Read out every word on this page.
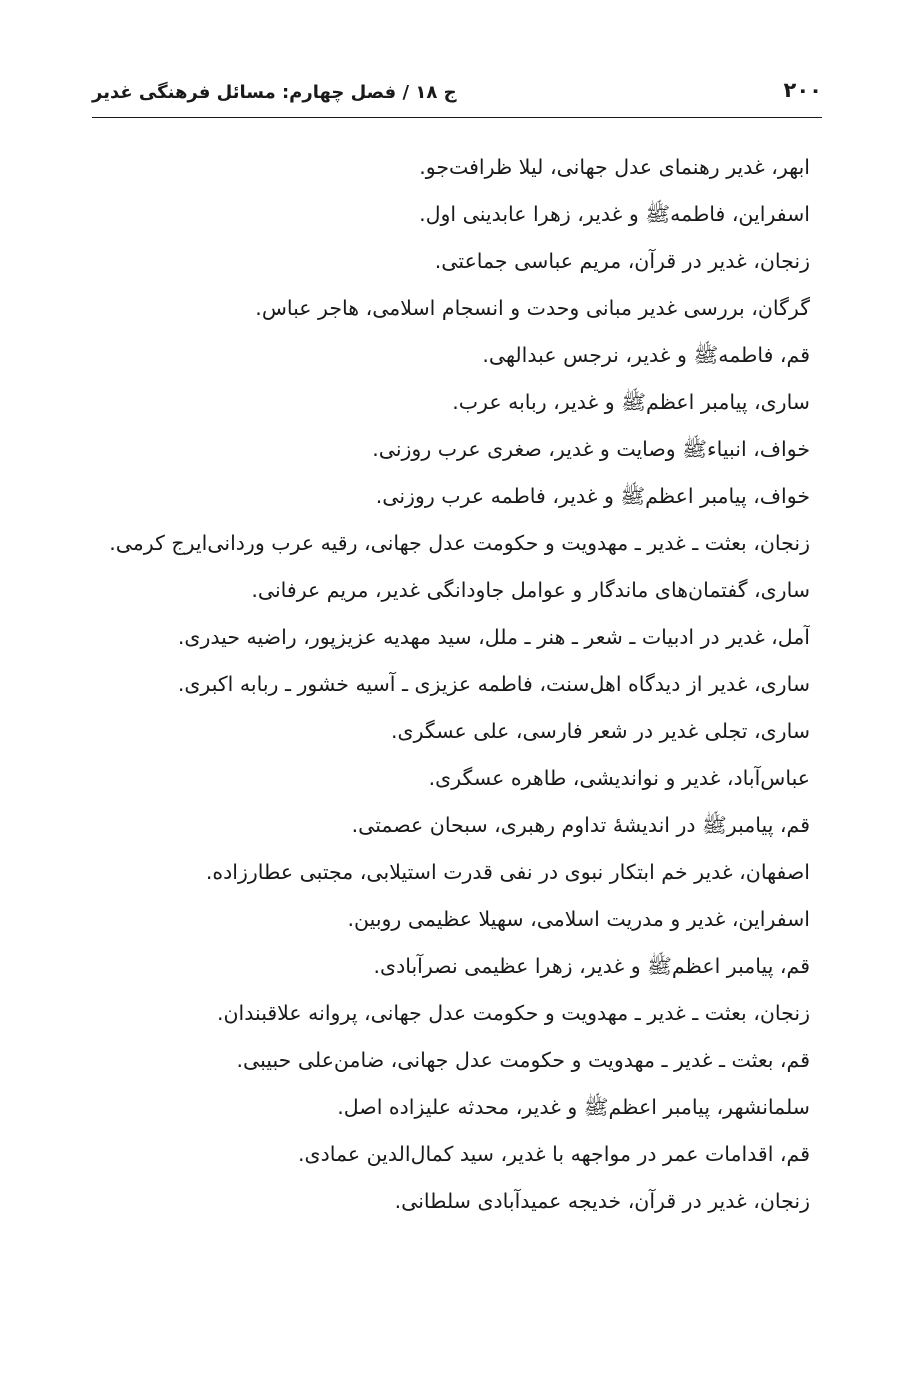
۲۰۰
ج ۱۸ / فصل چهارم: مسائل فرهنگی غدیر
ابهر، غدیر رهنمای عدل جهانی، لیلا ظرافت‌جو.
اسفراین، فاطمه‌ﷺ و غدیر، زهرا عابدینی اول.
زنجان، غدیر در قرآن، مریم عباسی جماعتی.
گرگان، بررسی غدیر مبانی وحدت و انسجام اسلامی، هاجر عباس.
قم، فاطمه‌ﷺ و غدیر، نرجس عبدالهی.
ساری، پیامبر اعظم‌ﷺ و غدیر، ربابه عرب.
خواف، انبیاء‌ﷺ وصایت و غدیر، صغری عرب روزنی.
خواف، پیامبر اعظم‌ﷺ و غدیر، فاطمه عرب روزنی.
زنجان، بعثت ـ غدیر ـ مهدویت و حکومت عدل جهانی، رقیه عرب وردانی‌ایرج کرمی.
ساری، گفتمان‌های ماندگار و عوامل جاودانگی غدیر، مریم عرفانی.
آمل، غدیر در ادبیات ـ شعر ـ هنر ـ ملل، سید مهدیه عزیزپور، راضیه حیدری.
ساری، غدیر از دیدگاه اهل‌سنت، فاطمه عزیزی ـ آسیه خشور ـ ربابه اکبری.
ساری، تجلی غدیر در شعر فارسی، علی عسگری.
عباس‌آباد، غدیر و نواندیشی، طاهره عسگری.
قم، پیامبر‌ﷺ در اندیشهٔ تداوم رهبری، سبحان عصمتی.
اصفهان، غدیر خم ابتکار نبوی در نفی قدرت استیلابی، مجتبی عطارزاده.
اسفراین، غدیر و مدریت اسلامی، سهیلا عظیمی روبین.
قم، پیامبر اعظم‌ﷺ و غدیر، زهرا عظیمی نصرآبادی.
زنجان، بعثت ـ غدیر ـ مهدویت و حکومت عدل جهانی، پروانه علاقبندان.
قم، بعثت ـ غدیر ـ مهدویت و حکومت عدل جهانی، ضامن‌علی حبیبی.
سلمانشهر، پیامبر اعظم‌ﷺ و غدیر، محدثه علیزاده اصل.
قم، اقدامات عمر در مواجهه با غدیر، سید کمال‌الدین عمادی.
زنجان، غدیر در قرآن، خدیجه عمیدآبادی سلطانی.
